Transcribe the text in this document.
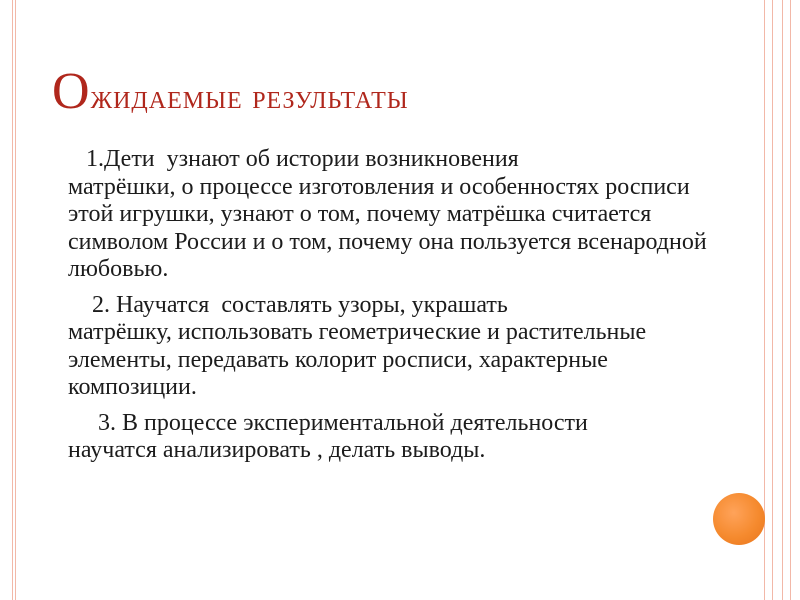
Ожидаемые результаты

1.Дети  узнают об истории возникновения
матрёшки, о процессе изготовления и особенностях росписи этой игрушки, узнают о том, почему матрёшка считается символом России и о том, почему она пользуется всенародной любовью.

2. Научатся  составлять узоры, украшать
матрёшку, использовать геометрические и растительные элементы, передавать колорит росписи, характерные композиции.

3. В процессе экспериментальной деятельности
научатся анализировать , делать выводы.
